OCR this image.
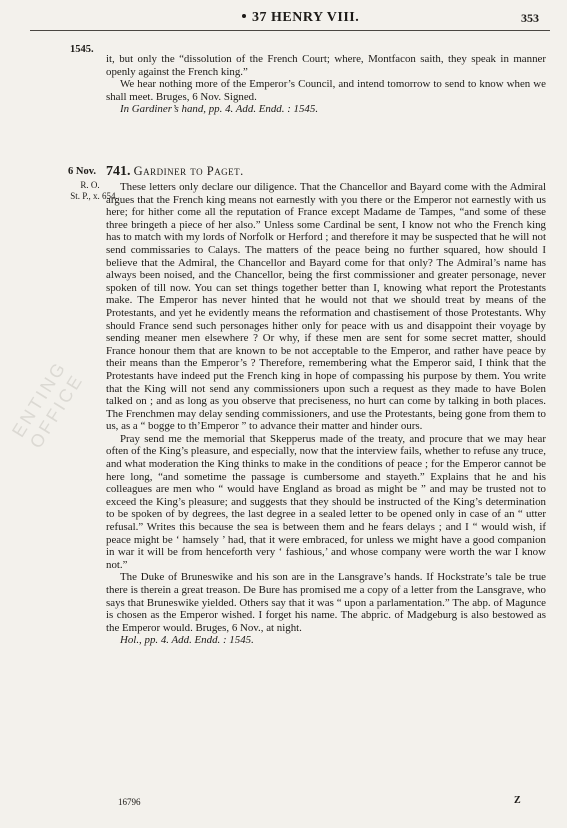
37 HENRY VIII.	353
1545.
it, but only the “dissolution of the French Court; where, Montfacon saith, they speak in manner openly against the French king.”
We hear nothing more of the Emperor’s Council, and intend tomorrow to send to know when we shall meet. Bruges, 6 Nov. Signed.
In Gardiner’s hand, pp. 4. Add. Endd. : 1545.
6 Nov.
R. O.
St. P., x. 654.
741. Gardiner to Paget.
These letters only declare our diligence. That the Chancellor and Bayard come with the Admiral argues that the French king means not earnestly with you there or the Emperor not earnestly with us here; for hither come all the reputation of France except Madame de Tampes, “and some of these three bringeth a piece of her also.” Unless some Cardinal be sent, I know not who the French king has to match with my lords of Norfolk or Herford ; and therefore it may be suspected that he will not send commissaries to Calays. The matters of the peace being no further squared, how should I believe that the Admiral, the Chancellor and Bayard come for that only? The Admiral’s name has always been noised, and the Chancellor, being the first commissioner and greater personage, never spoken of till now. You can set things together better than I, knowing what report the Protestants make. The Emperor has never hinted that he would not that we should treat by means of the Protestants, and yet he evidently means the reformation and chastisement of those Protestants. Why should France send such personages hither only for peace with us and disappoint their voyage by sending meaner men elsewhere ? Or why, if these men are sent for some secret matter, should France honour them that are known to be not acceptable to the Emperor, and rather have peace by their means than the Emperor’s ? Therefore, remembering what the Emperor said, I think that the Protestants have indeed put the French king in hope of compassing his purpose by them. You write that the King will not send any commissioners upon such a request as they made to have Bolen talked on ; and as long as you observe that preciseness, no hurt can come by talking in both places. The Frenchmen may delay sending commissioners, and use the Protestants, being gone from them to us, as a “ bogge to th’Emperor ” to advance their matter and hinder ours.
Pray send me the memorial that Skepperus made of the treaty, and procure that we may hear often of the King’s pleasure, and especially, now that the interview fails, whether to refuse any truce, and what moderation the King thinks to make in the conditions of peace ; for the Emperor cannot be here long, “and sometime the passage is cumbersome and stayeth.” Explains that he and his colleagues are men who “ would have England as broad as might be ” and may be trusted not to exceed the King’s pleasure; and suggests that they should be instructed of the King’s determination to be spoken of by degrees, the last degree in a sealed letter to be opened only in case of an “ utter refusal.” Writes this because the sea is between them and he fears delays ; and I “ would wish, if peace might be ‘ hamsely ’ had, that it were embraced, for unless we might have a good companion in war it will be from henceforth very ‘ fashious,’ and whose company were worth the war I know not.”
The Duke of Bruneswike and his son are in the Lansgrave’s hands. If Hockstrate’s tale be true there is therein a great treason. De Bure has promised me a copy of a letter from the Lansgrave, who says that Bruneswike yielded. Others say that it was “ upon a parlamentation.” The abp. of Magunce is chosen as the Emperor wished. I forget his name. The abpric. of Madgeburg is also bestowed as the Emperor would. Bruges, 6 Nov., at night.
Hol., pp. 4. Add. Endd. : 1545.
ENTING OFFICE
16796	Z
